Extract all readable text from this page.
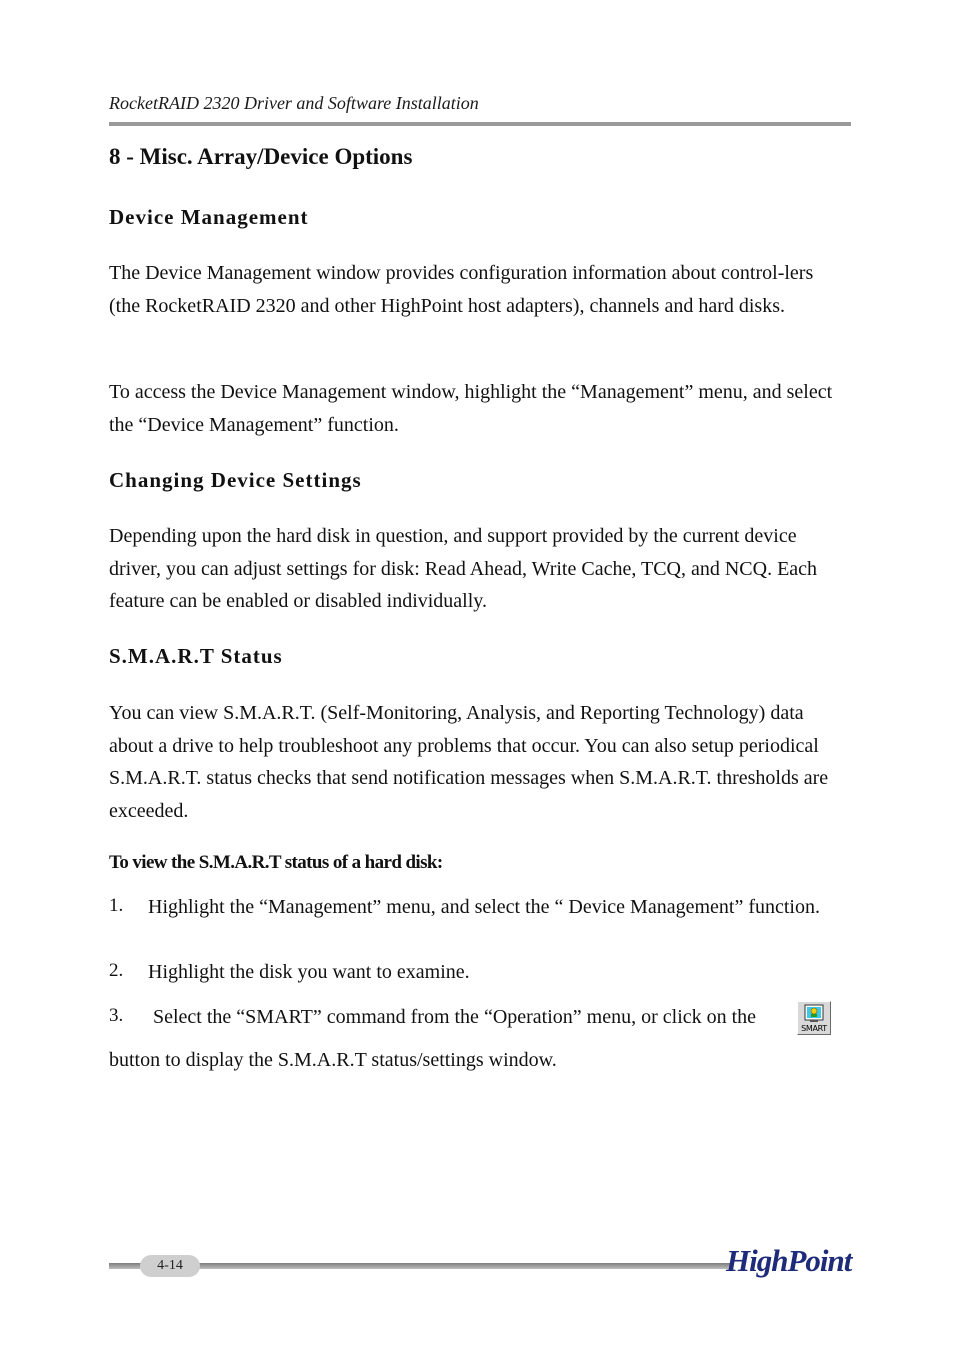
RocketRAID 2320 Driver and Software Installation
8 - Misc. Array/Device Options
Device Management

The Device Management window provides configuration information about control-lers (the RocketRAID 2320 and other HighPoint host adapters), channels and hard disks.

To access the Device Management window, highlight the “Management” menu, and select the “Device Management” function.

Changing Device Settings

Depending upon the hard disk in question, and support provided by the current device driver, you can adjust settings for disk: Read Ahead, Write Cache, TCQ, and NCQ. Each feature can be enabled or disabled individually.

S.M.A.R.T Status

You can view S.M.A.R.T. (Self-Monitoring, Analysis, and Reporting Technology) data about a drive to help troubleshoot any problems that occur. You can also setup periodical S.M.A.R.T. status checks that send notification messages when S.M.A.R.T. thresholds are exceeded.

To view the S.M.A.R.T status of a hard disk:
1. Highlight the “Management” menu, and select the “ Device Management” function.

2. Highlight the disk you want to examine.

3. Select the “SMART” command from the “Operation” menu, or click on the

SMART

button to display the S.M.A.R.T status/settings window.

4-14	HighPoint
